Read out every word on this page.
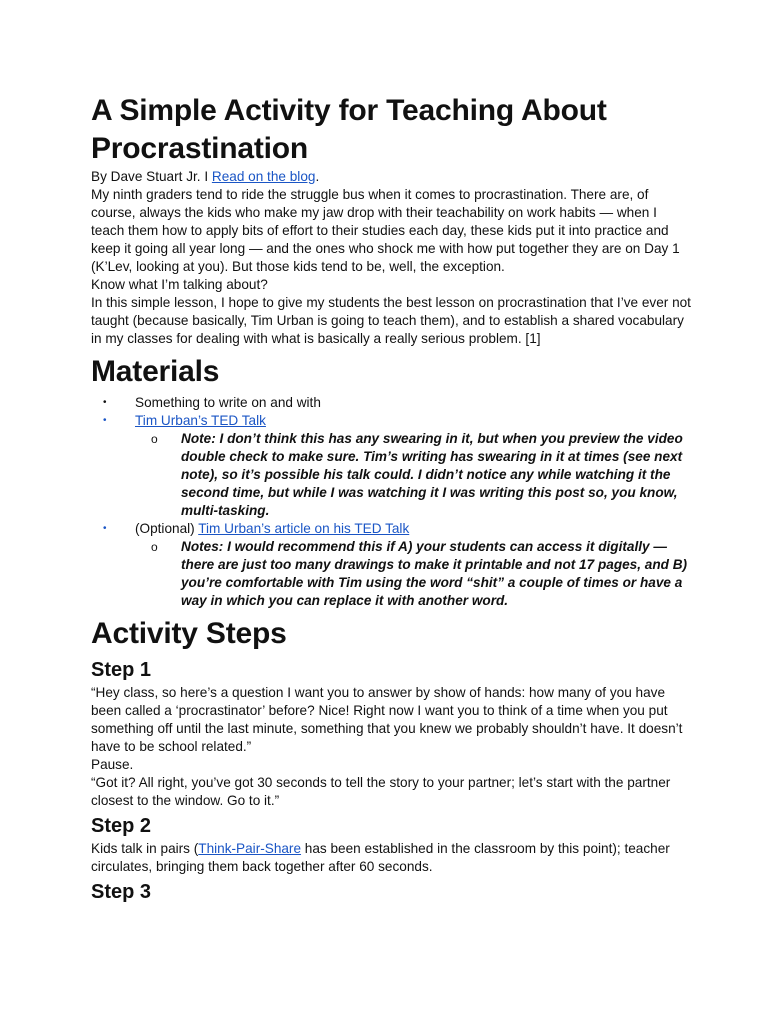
A Simple Activity for Teaching About Procrastination

By Dave Stuart Jr. I Read on the blog.

My ninth graders tend to ride the struggle bus when it comes to procrastination. There are, of course, always the kids who make my jaw drop with their teachability on work habits — when I teach them how to apply bits of effort to their studies each day, these kids put it into practice and keep it going all year long — and the ones who shock me with how put together they are on Day 1 (K’Lev, looking at you). But those kids tend to be, well, the exception.

Know what I’m talking about?

In this simple lesson, I hope to give my students the best lesson on procrastination that I’ve ever not taught (because basically, Tim Urban is going to teach them), and to establish a shared vocabulary in my classes for dealing with what is basically a really serious problem. [1]

Materials
• Something to write on and with
• Tim Urban’s TED Talk
o Note: I don’t think this has any swearing in it, but when you preview the video double check to make sure. Tim’s writing has swearing in it at times (see next note), so it’s possible his talk could. I didn’t notice any while watching it the second time, but while I was watching it I was writing this post so, you know, multi-tasking.
• (Optional) Tim Urban’s article on his TED Talk
o Notes: I would recommend this if A) your students can access it digitally — there are just too many drawings to make it printable and not 17 pages, and B) you’re comfortable with Tim using the word “shit” a couple of times or have a way in which you can replace it with another word.
Activity Steps
Step 1

“Hey class, so here’s a question I want you to answer by show of hands: how many of you have been called a ‘procrastinator’ before? Nice! Right now I want you to think of a time when you put something off until the last minute, something that you knew we probably shouldn’t have. It doesn’t have to be school related.”

Pause.

“Got it? All right, you’ve got 30 seconds to tell the story to your partner; let’s start with the partner closest to the window. Go to it.”

Step 2

Kids talk in pairs (Think-Pair-Share has been established in the classroom by this point); teacher circulates, bringing them back together after 60 seconds.

Step 3
